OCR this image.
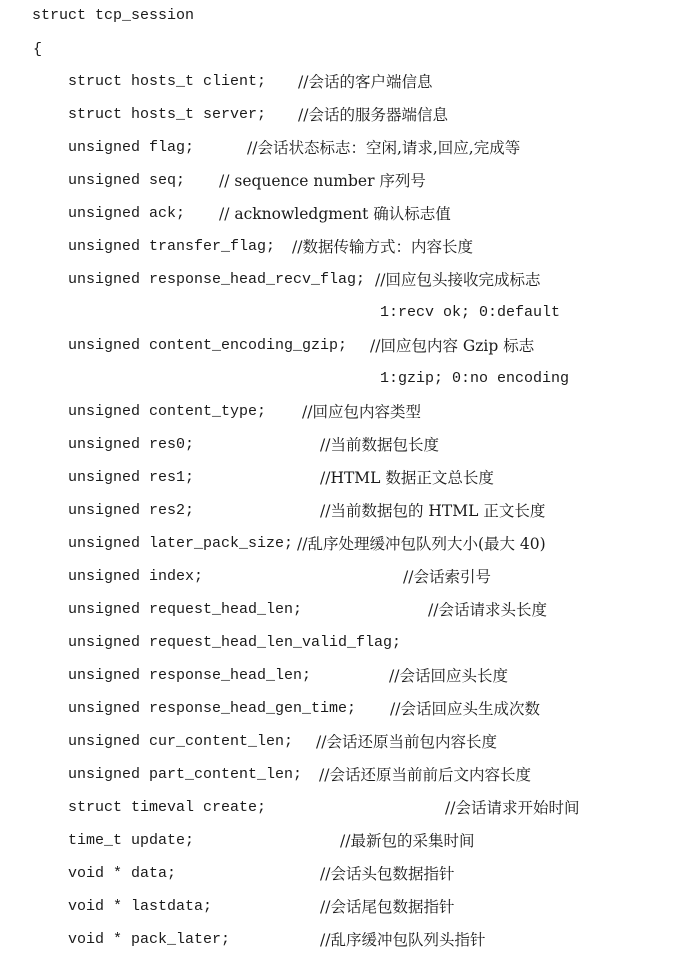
struct tcp_session
{
struct hosts_t client; //会话的客户端信息
struct hosts_t server; //会话的服务器端信息
unsigned flag;	//会话状态标志：空闲,请求,回应,完成等
unsigned seq; // sequence number 序列号
unsigned ack; // acknowledgment 确认标志值
unsigned transfer_flag; //数据传输方式：内容长度
unsigned response_head_recv_flag; //回应包头接收完成标志
1:recv ok; 0:default
unsigned content_encoding_gzip; //回应包内容 Gzip 标志
1:gzip; 0:no encoding
unsigned content_type; //回应包内容类型
unsigned res0;	//当前数据包长度
unsigned res1;	//HTML 数据正文总长度
unsigned res2;	//当前数据包的 HTML 正文长度
unsigned later_pack_size; //乱序处理缓冲包队列大小(最大 40)
unsigned index;	//会话索引号
unsigned request_head_len;	//会话请求头长度
unsigned request_head_len_valid_flag;
unsigned response_head_len;	//会话回应头长度
unsigned response_head_gen_time; //会话回应头生成次数
unsigned cur_content_len; //会话还原当前包内容长度
unsigned part_content_len; //会话还原当前前后文内容长度
struct timeval create;	//会话请求开始时间
time_t update;	//最新包的采集时间
void * data;	//会话头包数据指针
void * lastdata;	//会话尾包数据指针
void * pack_later;	//乱序缓冲包队列头指针
